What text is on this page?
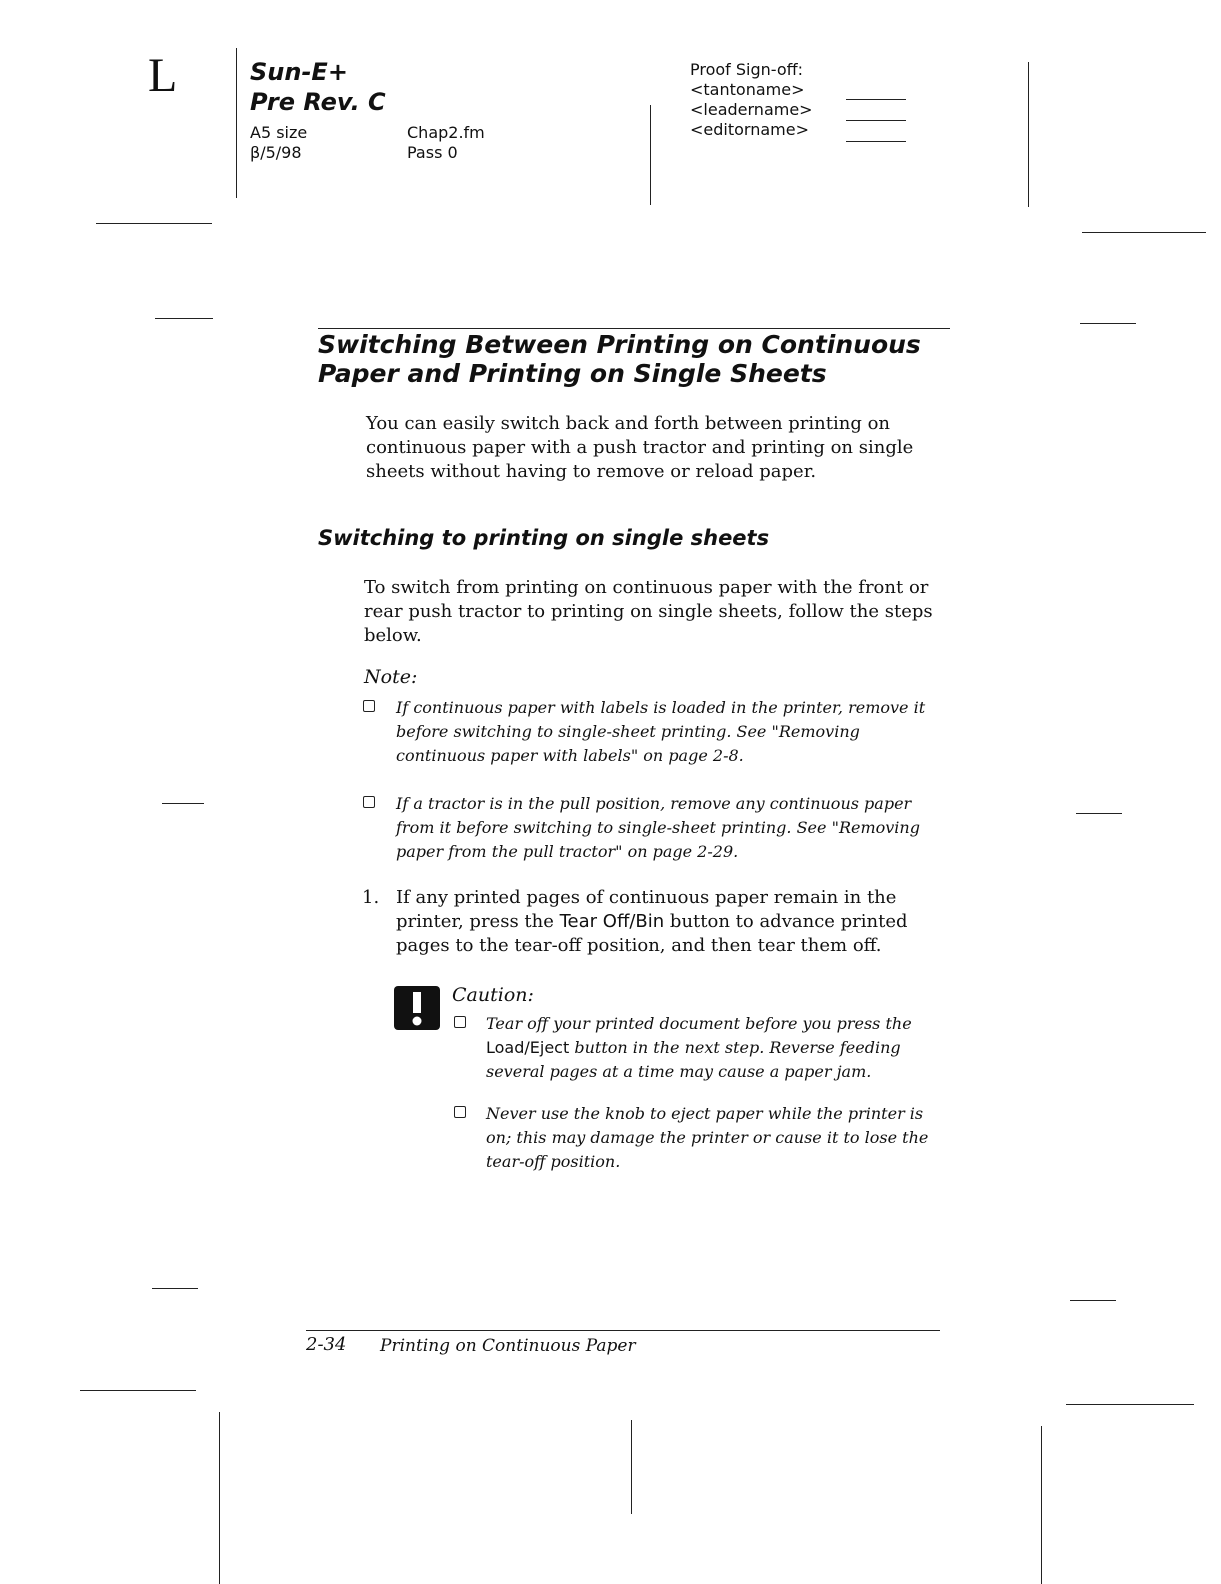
L	Sun-E+
Pre Rev. C
A5 size
β/5/98
Chap2.fm
Pass 0
Proof Sign-off:
<tantoname>
<leadername>
<editorname>
Switching Between Printing on Continuous Paper and Printing on Single Sheets
You can easily switch back and forth between printing on continuous paper with a push tractor and printing on single sheets without having to remove or reload paper.
Switching to printing on single sheets
To switch from printing on continuous paper with the front or rear push tractor to printing on single sheets, follow the steps below.
Note:
If continuous paper with labels is loaded in the printer, remove it before switching to single-sheet printing. See "Removing continuous paper with labels" on page 2-8.
If a tractor is in the pull position, remove any continuous paper from it before switching to single-sheet printing. See "Removing paper from the pull tractor" on page 2-29.
1. If any printed pages of continuous paper remain in the printer, press the Tear Off/Bin button to advance printed pages to the tear-off position, and then tear them off.
Caution:
Tear off your printed document before you press the Load/Eject button in the next step. Reverse feeding several pages at a time may cause a paper jam.
Never use the knob to eject paper while the printer is on; this may damage the printer or cause it to lose the tear-off position.
2-34 Printing on Continuous Paper
